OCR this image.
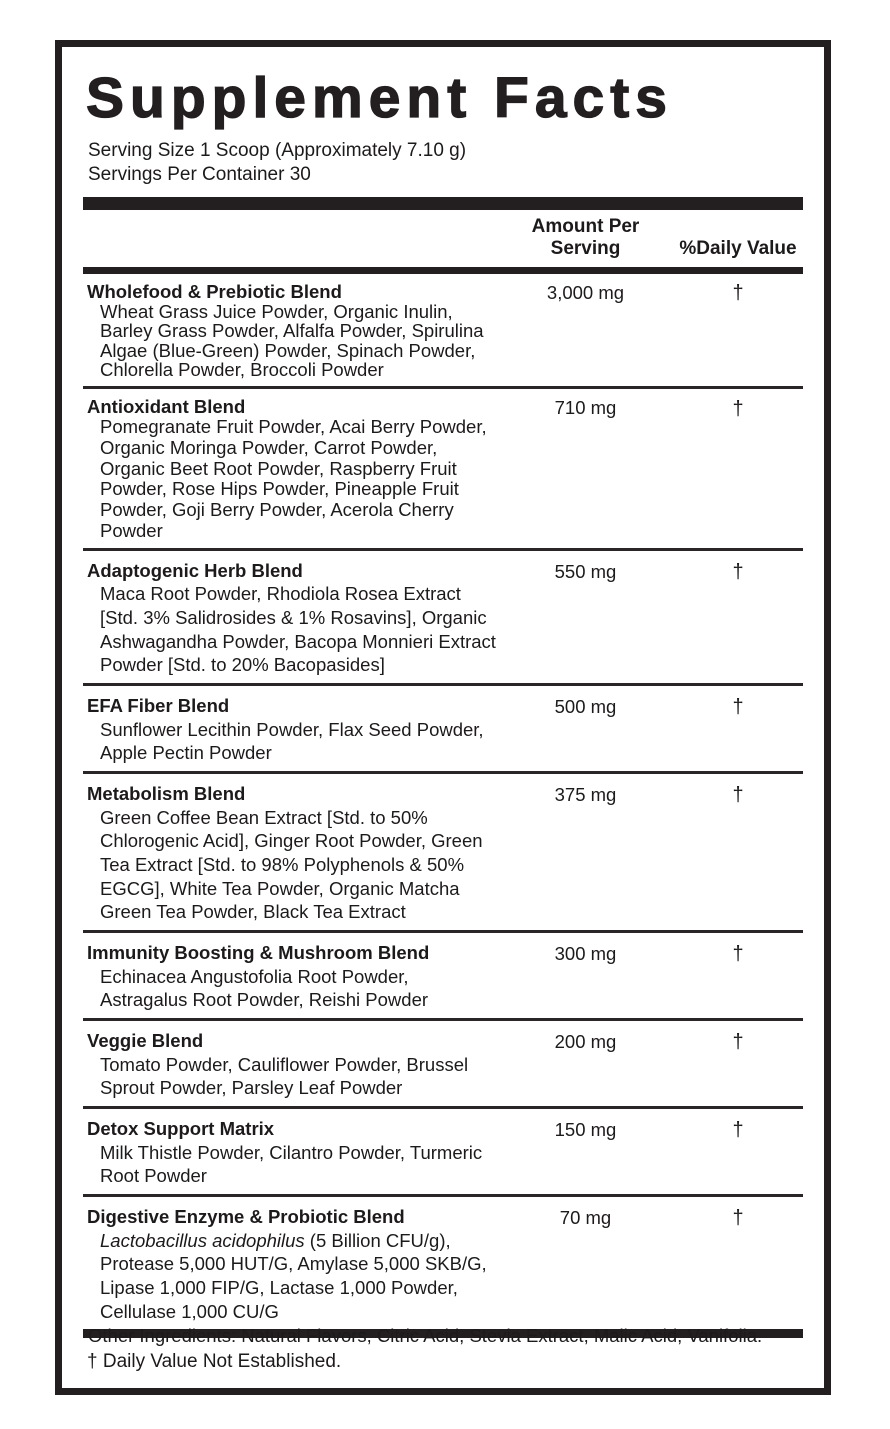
Supplement Facts
Serving Size 1 Scoop (Approximately 7.10 g)
Servings Per Container 30
Amount Per Serving	%Daily Value
Wholefood & Prebiotic Blend
Wheat Grass Juice Powder, Organic Inulin, Barley Grass Powder, Alfalfa Powder, Spirulina Algae (Blue-Green) Powder, Spinach Powder, Chlorella Powder, Broccoli Powder
3,000 mg	†
Antioxidant Blend
Pomegranate Fruit Powder, Acai Berry Powder, Organic Moringa Powder, Carrot Powder, Organic Beet Root Powder, Raspberry Fruit Powder, Rose Hips Powder, Pineapple Fruit Powder, Goji Berry Powder, Acerola Cherry Powder
710 mg	†
Adaptogenic Herb Blend
Maca Root Powder, Rhodiola Rosea Extract [Std. 3% Salidrosides & 1% Rosavins], Organic Ashwagandha Powder, Bacopa Monnieri Extract Powder [Std. to 20% Bacopasides]
550 mg	†
EFA Fiber Blend
Sunflower Lecithin Powder, Flax Seed Powder, Apple Pectin Powder
500 mg	†
Metabolism Blend
Green Coffee Bean Extract [Std. to 50% Chlorogenic Acid], Ginger Root Powder, Green Tea Extract [Std. to 98% Polyphenols & 50% EGCG], White Tea Powder, Organic Matcha Green Tea Powder, Black Tea Extract
375 mg	†
Immunity Boosting & Mushroom Blend
Echinacea Angustofolia Root Powder, Astragalus Root Powder, Reishi Powder
300 mg	†
Veggie Blend
Tomato Powder, Cauliflower Powder, Brussel Sprout Powder, Parsley Leaf Powder
200 mg	†
Detox Support Matrix
Milk Thistle Powder, Cilantro Powder, Turmeric Root Powder
150 mg	†
Digestive Enzyme & Probiotic Blend
Lactobacillus acidophilus (5 Billion CFU/g), Protease 5,000 HUT/G, Amylase 5,000 SKB/G, Lipase 1,000 FIP/G, Lactase 1,000 Powder, Cellulase 1,000 CU/G
70 mg	†
† Daily Value Not Established.
Other Ingredients: Natural Flavors, Citric Acid, Stevia Extract, Malic Acid, Vanifolia.
